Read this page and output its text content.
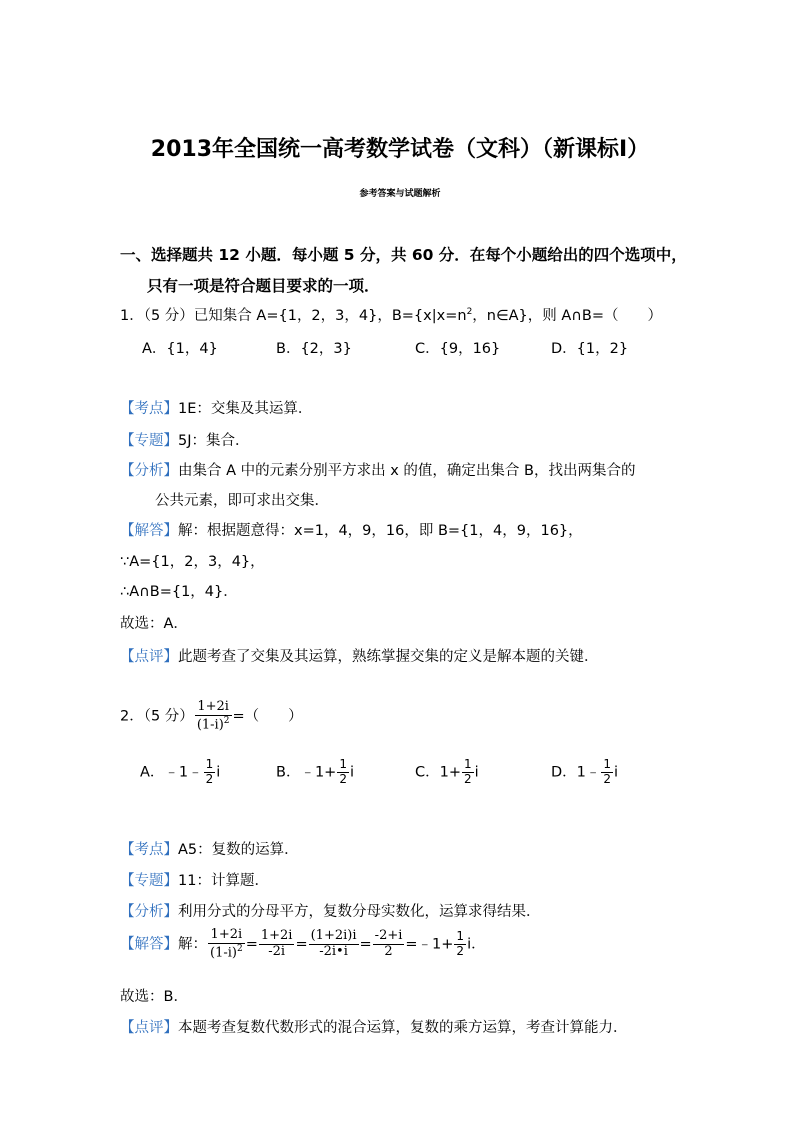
2013年全国统一高考数学试卷（文科）（新课标Ⅰ）
参考答案与试题解析
一、选择题共 12 小题．每小题 5 分，共 60 分．在每个小题给出的四个选项中，
只有一项是符合题目要求的一项．
1．（5 分）已知集合 A={1，2，3，4}，$B=\{x|x=n^2$，n∈A}，则 A∩B=（　　）
A．{1，4}	B．{2，3}	C．{9，16}	D．{1，2}
【考点】1E：交集及其运算．
【专题】5J：集合．
【分析】由集合 A 中的元素分别平方求出 x 的值，确定出集合 B，找出两集合的
公共元素，即可求出交集．
【解答】解：根据题意得：x=1，4，9，16，即 B={1，4，9，16}，
∵A={1，2，3，4}，
∴A∩B={1，4}．
故选：A．
【点评】此题考查了交集及其运算，熟练掌握交集的定义是解本题的关键．
2．（5 分） $\frac{1+2i}{(1-i)^2}$ =（　　）
A．﹣1﹣ $\frac{1}{2}$ i	B．﹣1+ $\frac{1}{2}$ i	C．$1+ \frac{1}{2}$ i	D．1﹣ $\frac{1}{2}$ i
【考点】A5：复数的运算．
【专题】11：计算题．
【分析】利用分式的分母平方，复数分母实数化，运算求得结果．
【解答】解： $\frac{1+2i}{(1-i)^2} = \frac{1+2i}{-2i} = \frac{(1+2i)i}{-2i•i} = \frac{-2+i}{2}$ =﹣1+ $\frac{1}{2}$ i．
故选：B．
【点评】本题考查复数代数形式的混合运算，复数的乘方运算，考查计算能力．
